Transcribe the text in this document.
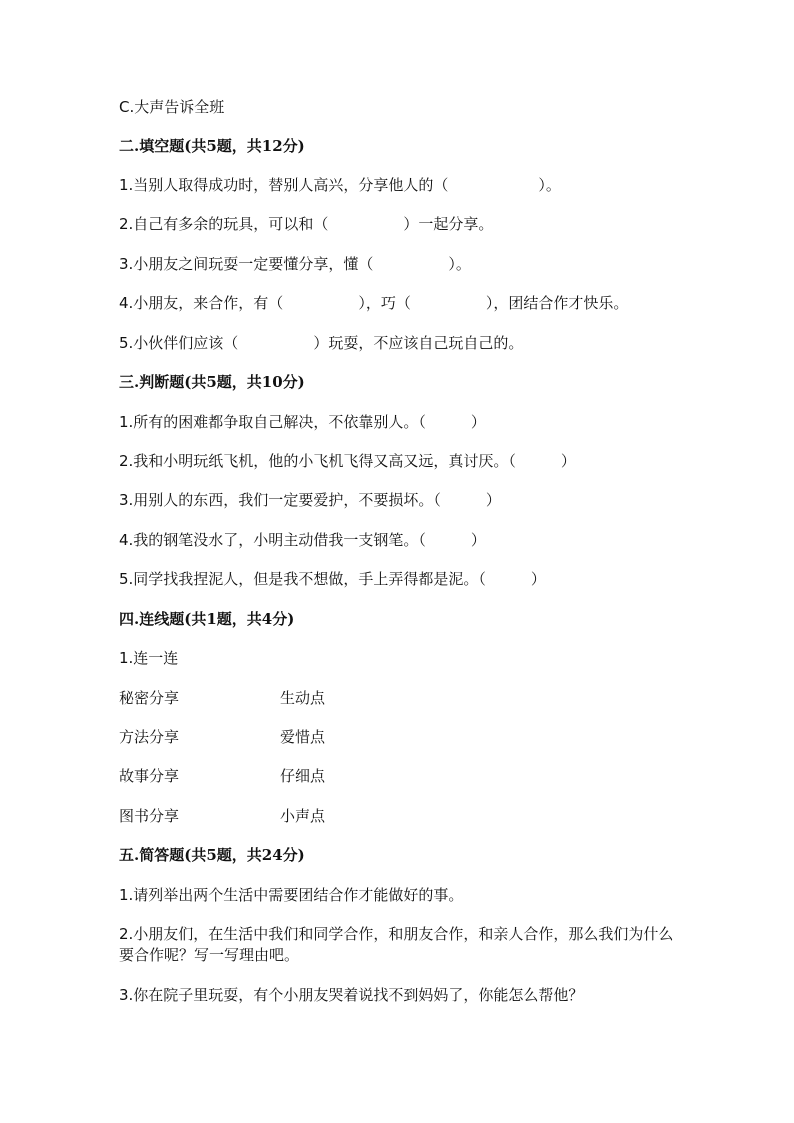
C.大声告诉全班
二.填空题(共5题，共12分)
1.当别人取得成功时，替别人高兴，分享他人的（　　　　　　）。
2.自己有多余的玩具，可以和（　　　　　）一起分享。
3.小朋友之间玩耍一定要懂分享，懂（　　　　　）。
4.小朋友，来合作，有（　　　　　），巧（　　　　　），团结合作才快乐。
5.小伙伴们应该（　　　　　）玩耍，不应该自己玩自己的。
三.判断题(共5题，共10分)
1.所有的困难都争取自己解决，不依靠别人。（　　　）
2.我和小明玩纸飞机，他的小飞机飞得又高又远，真讨厌。（　　　）
3.用别人的东西，我们一定要爱护，不要损坏。（　　　）
4.我的钢笔没水了，小明主动借我一支钢笔。（　　　）
5.同学找我捏泥人，但是我不想做，手上弄得都是泥。（　　　）
四.连线题(共1题，共4分)
1.连一连
秘密分享	生动点
方法分享	爱惜点
故事分享	仔细点
图书分享	小声点
五.简答题(共5题，共24分)
1.请列举出两个生活中需要团结合作才能做好的事。
2.小朋友们，在生活中我们和同学合作，和朋友合作，和亲人合作，那么我们为什么要合作呢？写一写理由吧。
3.你在院子里玩耍，有个小朋友哭着说找不到妈妈了，你能怎么帮他？
